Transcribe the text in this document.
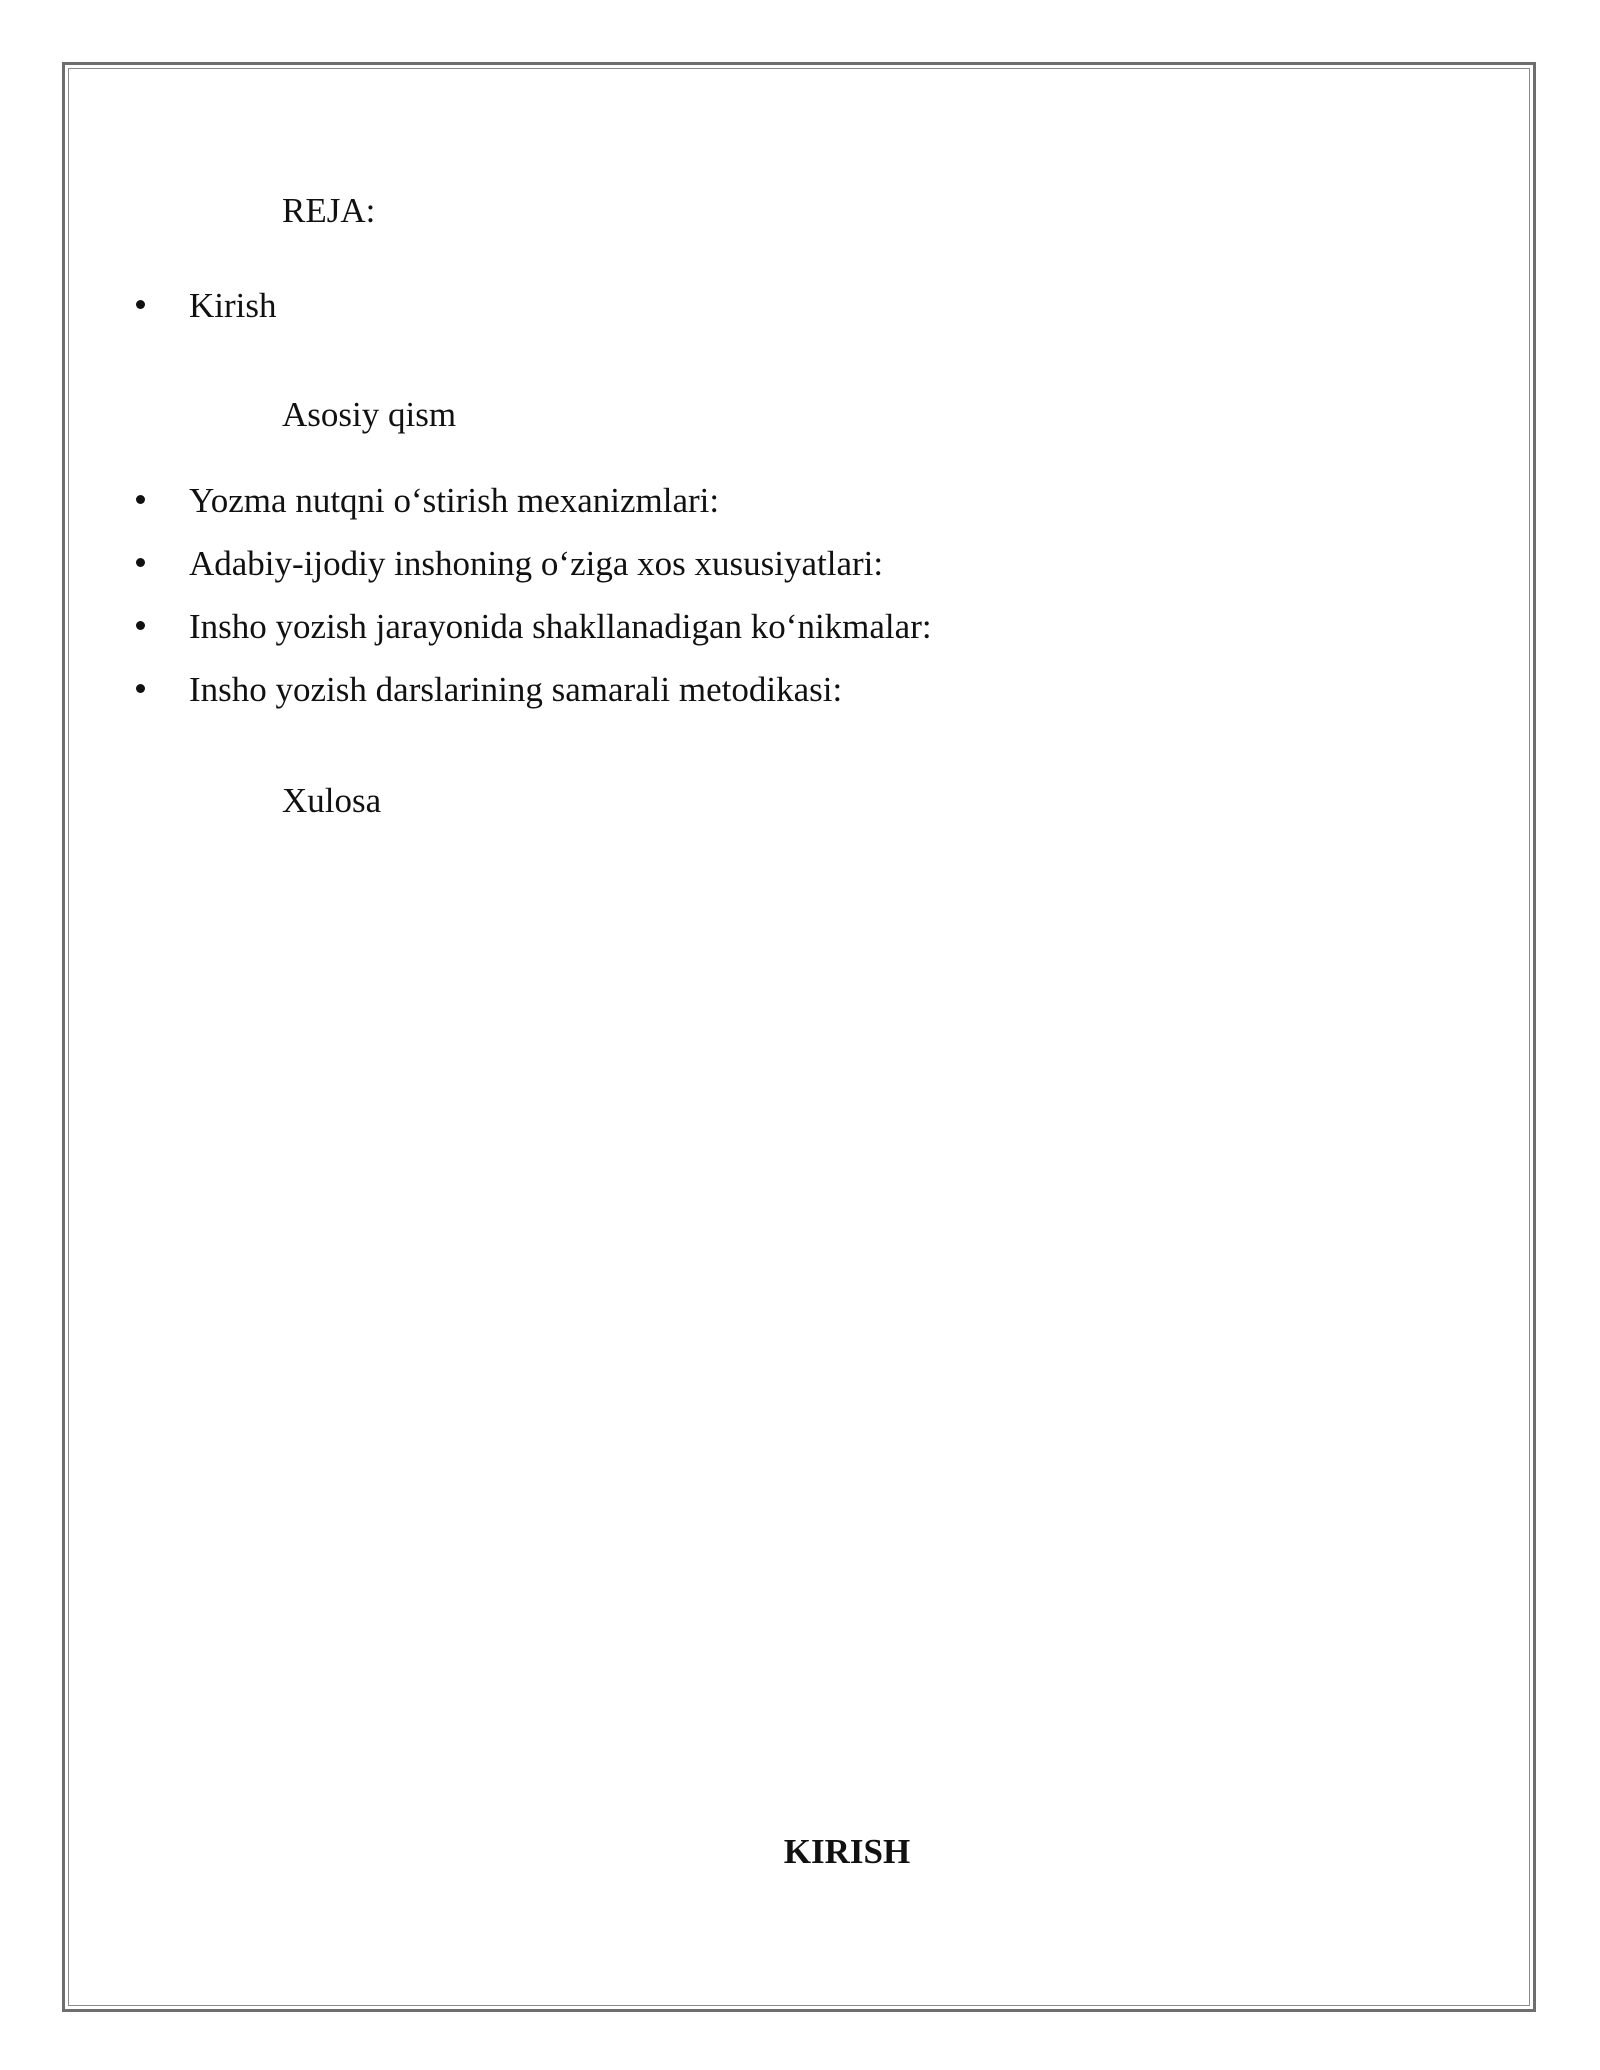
REJA:
Kirish
Asosiy qism
Yozma nutqni o‘stirish mexanizmlari:
Adabiy-ijodiy inshoning o‘ziga xos xususiyatlari:
Insho yozish jarayonida shakllanadigan ko‘nikmalar:
Insho yozish darslarining samarali metodikasi:
Xulosa
KIRISH
